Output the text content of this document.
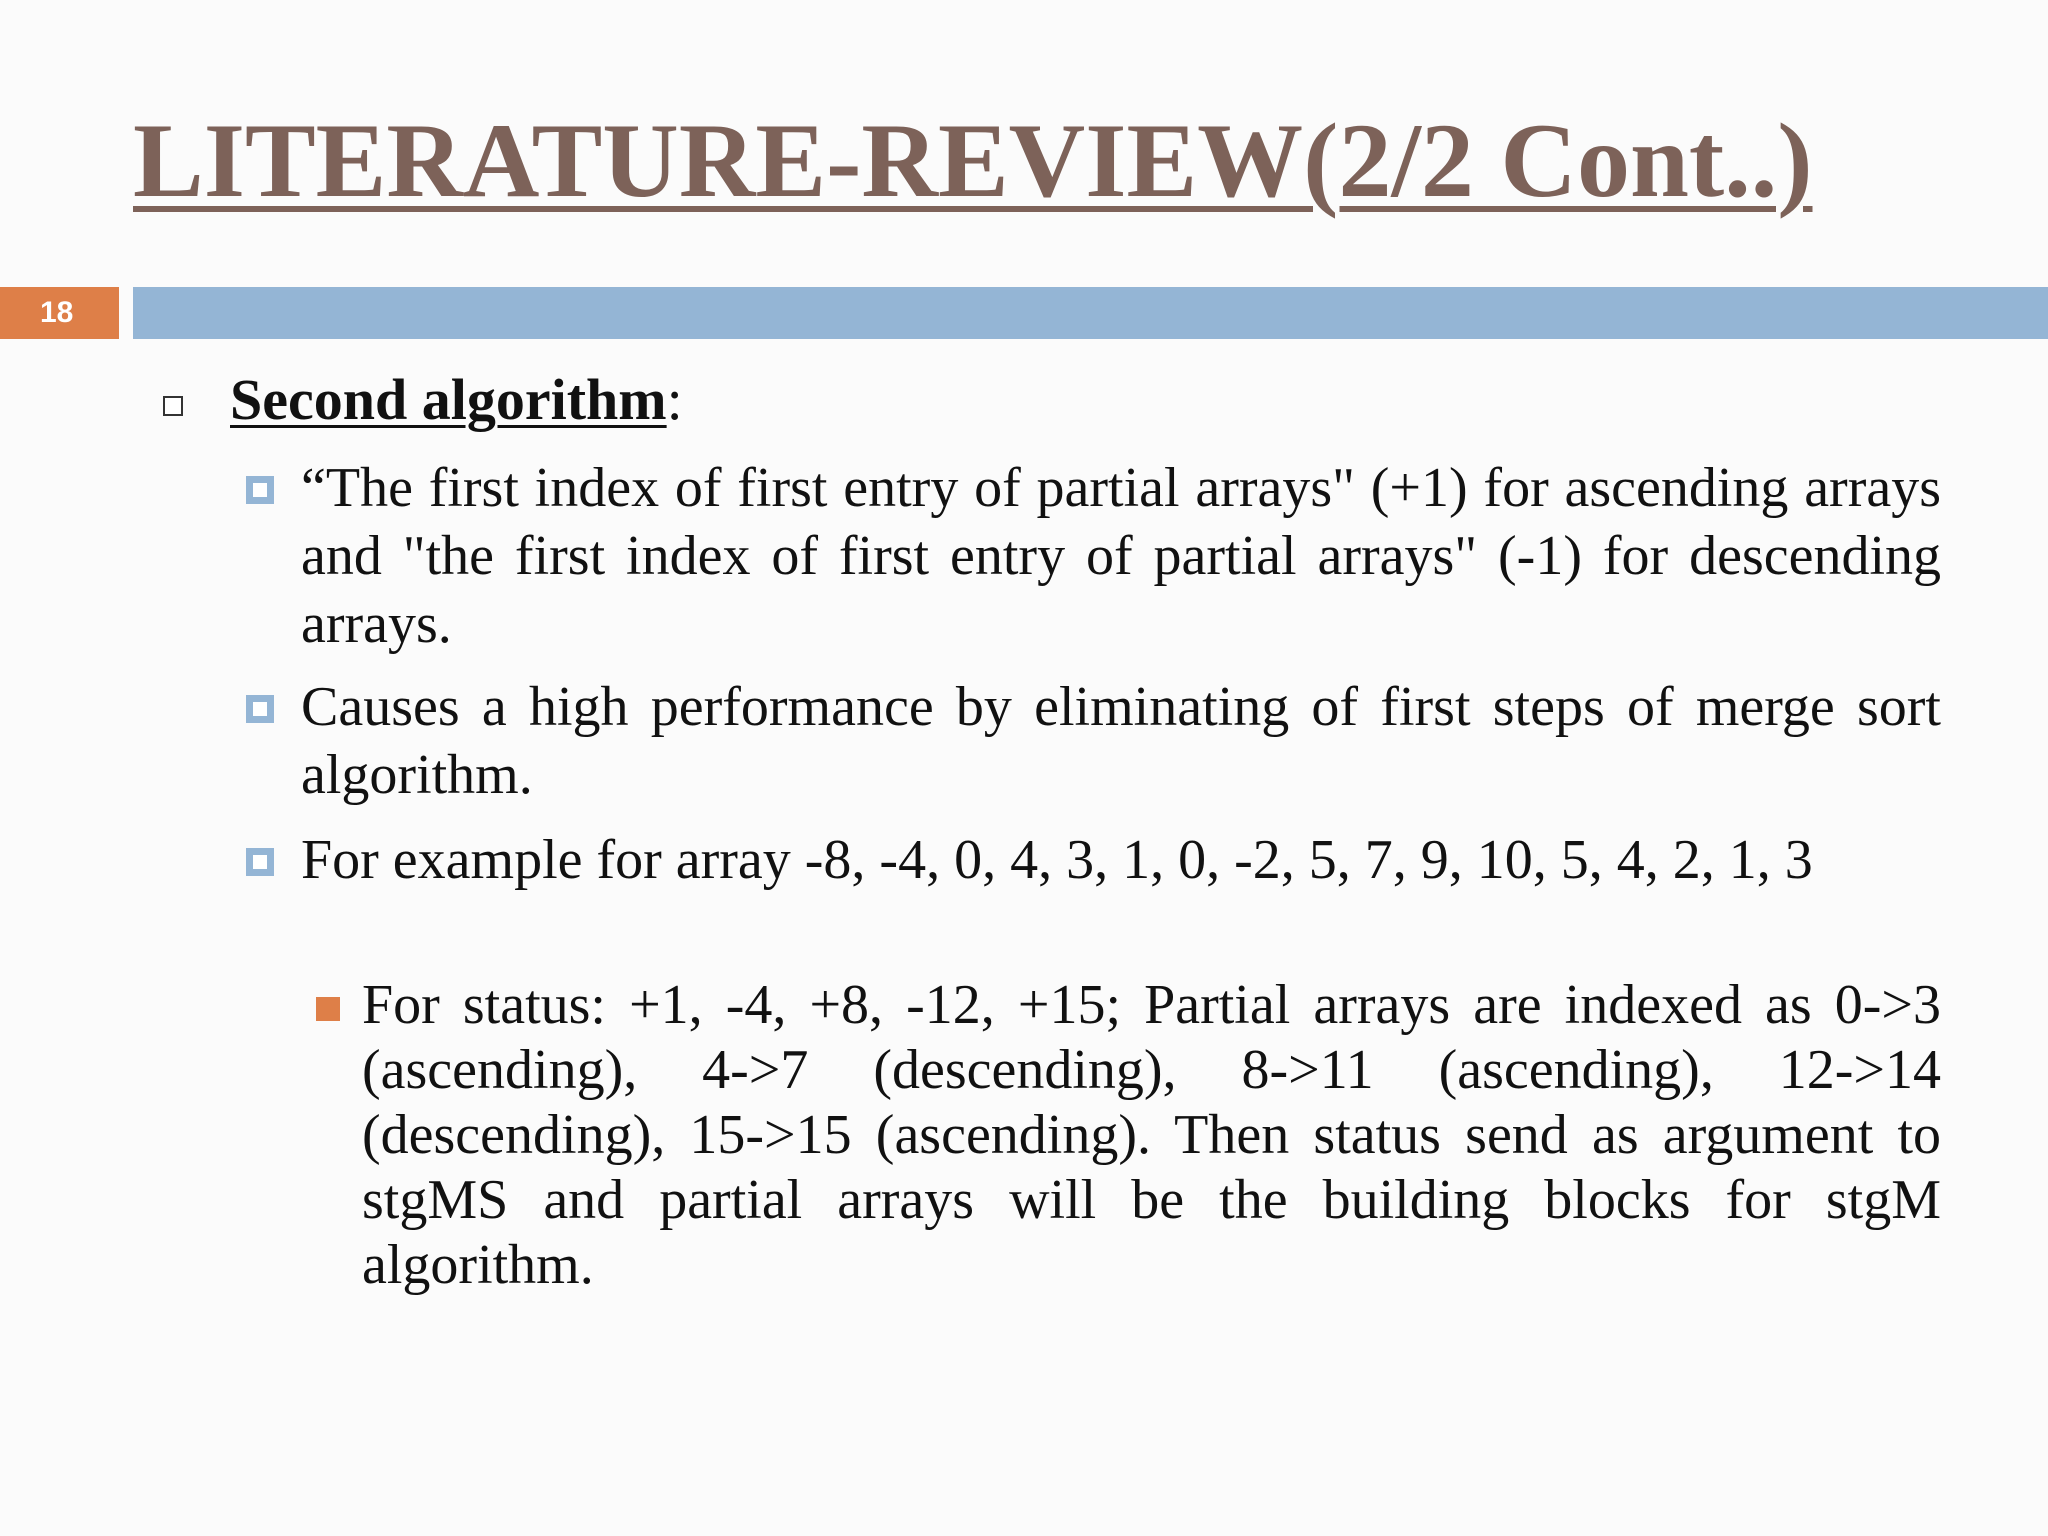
LITERATURE-REVIEW(2/2 Cont..)
18
Second algorithm:
“The first index of first entry of partial arrays" (+1) for ascending arrays and "the first index of first entry of partial arrays" (-1) for descending arrays.
Causes a high performance by eliminating of first steps of merge sort algorithm.
For example for array -8, -4, 0, 4, 3, 1, 0, -2, 5, 7, 9, 10, 5, 4, 2, 1, 3
For status: +1, -4, +8, -12, +15; Partial arrays are indexed as 0->3 (ascending), 4->7 (descending), 8->11 (ascending), 12->14 (descending), 15->15 (ascending). Then status send as argument to stgMS and partial arrays will be the building blocks for stgM algorithm.
